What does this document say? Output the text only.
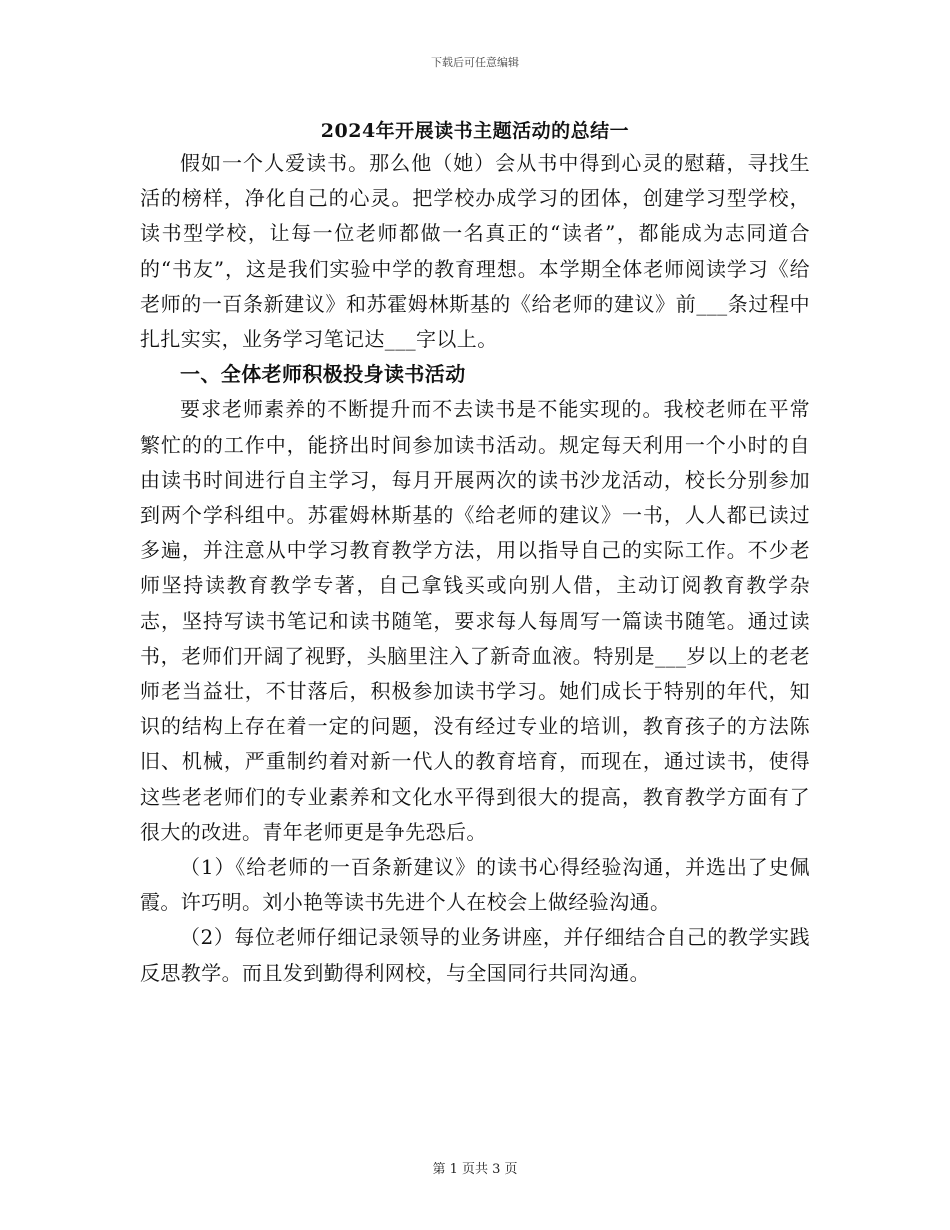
下载后可任意编辑
2024年开展读书主题活动的总结一

假如一个人爱读书。那么他（她）会从书中得到心灵的慰藉，寻找生活的榜样，净化自己的心灵。把学校办成学习的团体，创建学习型学校，读书型学校，让每一位老师都做一名真正的“读者”，都能成为志同道合的“书友”，这是我们实验中学的教育理想。本学期全体老师阅读学习《给老师的一百条新建议》和苏霍姆林斯基的《给老师的建议》前___条过程中扎扎实实，业务学习笔记达___字以上。

一、全体老师积极投身读书活动

要求老师素养的不断提升而不去读书是不能实现的。我校老师在平常繁忙的的工作中，能挤出时间参加读书活动。规定每天利用一个小时的自由读书时间进行自主学习，每月开展两次的读书沙龙活动，校长分别参加到两个学科组中。苏霍姆林斯基的《给老师的建议》一书，人人都已读过多遍，并注意从中学习教育教学方法，用以指导自己的实际工作。不少老师坚持读教育教学专著，自己拿钱买或向别人借，主动订阅教育教学杂志，坚持写读书笔记和读书随笔，要求每人每周写一篇读书随笔。通过读书，老师们开阔了视野，头脑里注入了新奇血液。特别是___岁以上的老老师老当益壮，不甘落后，积极参加读书学习。她们成长于特别的年代，知识的结构上存在着一定的问题，没有经过专业的培训，教育孩子的方法陈旧、机械，严重制约着对新一代人的教育培育，而现在，通过读书，使得这些老老师们的专业素养和文化水平得到很大的提高，教育教学方面有了很大的改进。青年老师更是争先恐后。

（1）《给老师的一百条新建议》的读书心得经验沟通，并选出了史佩霞。许巧明。刘小艳等读书先进个人在校会上做经验沟通。

（2）每位老师仔细记录领导的业务讲座，并仔细结合自己的教学实践反思教学。而且发到勤得利网校，与全国同行共同沟通。

第 1 页共 3 页
